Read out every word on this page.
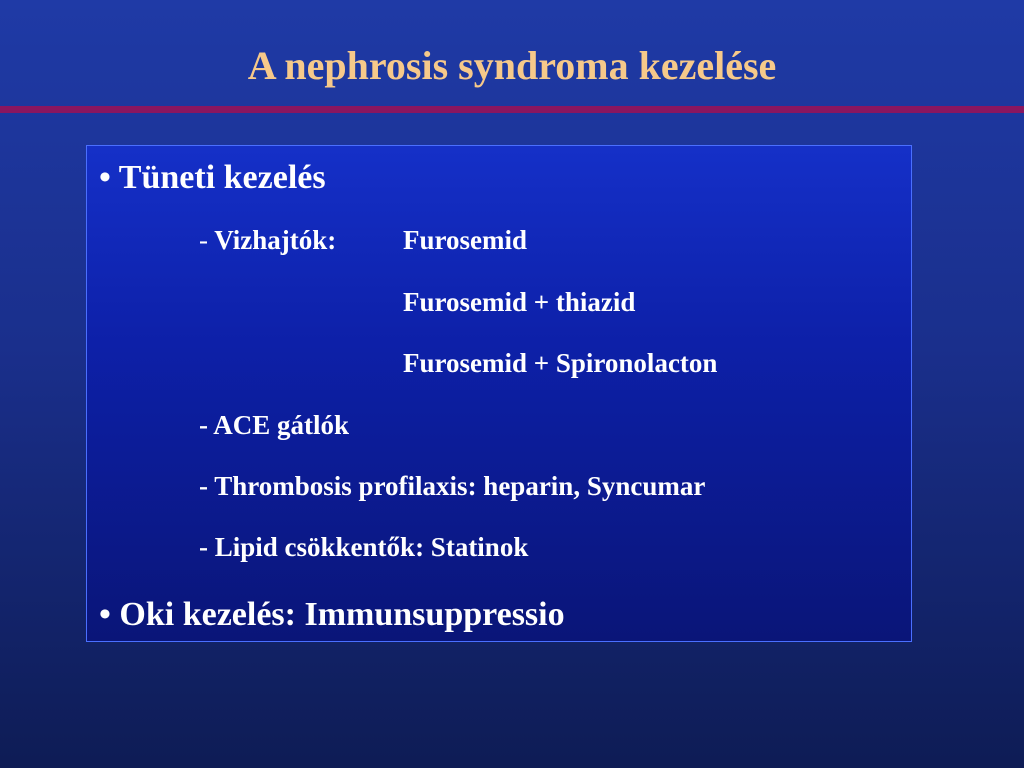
A nephrosis syndroma kezelése
• Tüneti kezelés
- Vizhajtók: Furosemid
Furosemid + thiazid
Furosemid + Spironolacton
- ACE gátlók
- Thrombosis profilaxis: heparin, Syncumar
- Lipid csökkentők: Statinok
• Oki kezelés: Immunsuppressio
